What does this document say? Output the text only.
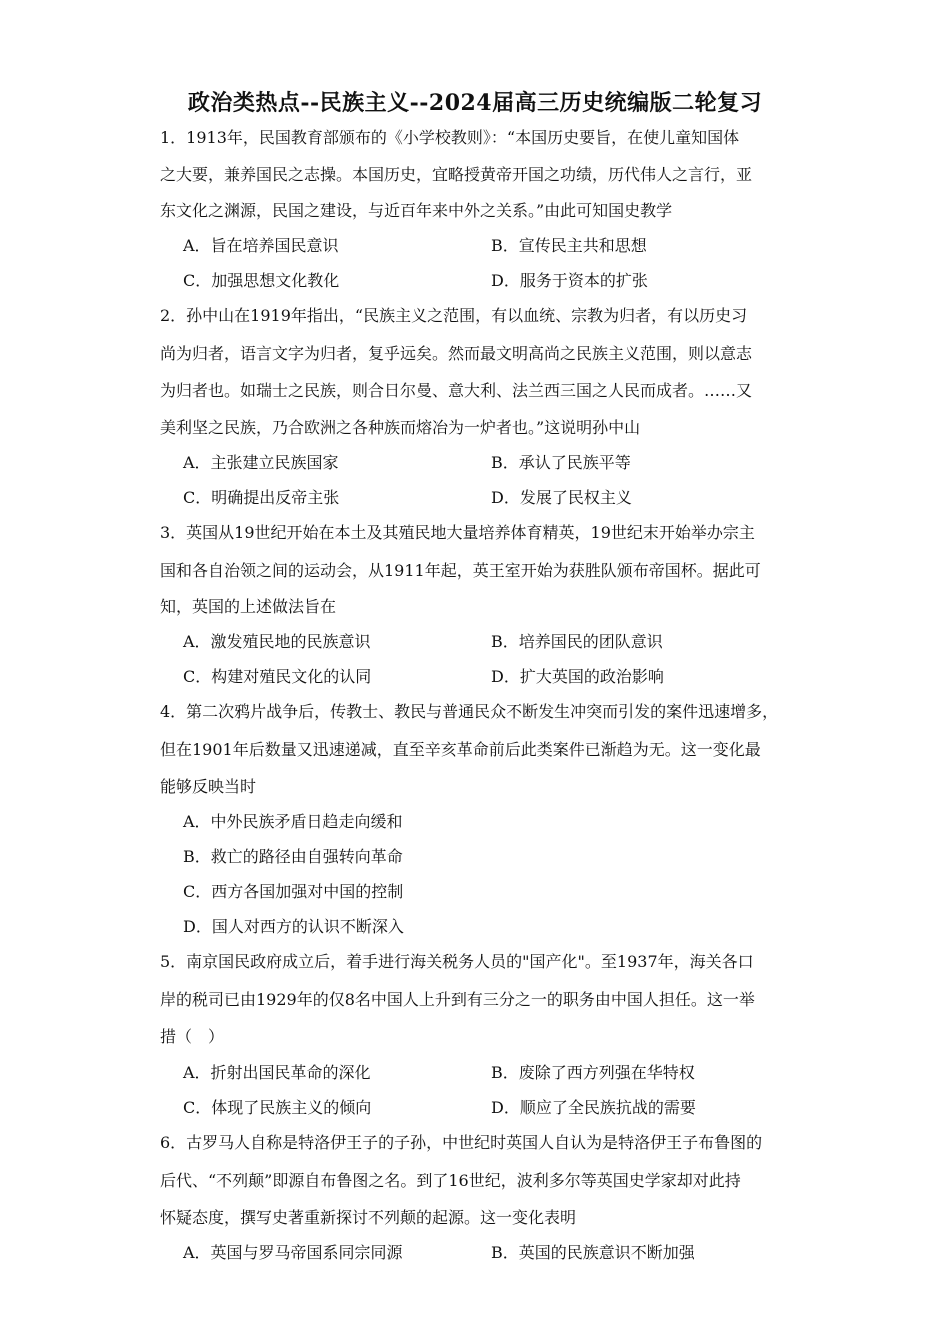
政治类热点--民族主义--2024届高三历史统编版二轮复习
1．1913年，民国教育部颁布的《小学校教则》：“本国历史要旨，在使儿童知国体
之大要，兼养国民之志操。本国历史，宜略授黄帝开国之功绩，历代伟人之言行，亚
东文化之渊源，民国之建设，与近百年来中外之关系。”由此可知国史教学
A．旨在培养国民意识	B．宣传民主共和思想
C．加强思想文化教化	D．服务于资本的扩张
2．孙中山在1919年指出，“民族主义之范围，有以血统、宗教为归者，有以历史习
尚为归者，语言文字为归者，复乎远矣。然而最文明高尚之民族主义范围，则以意志
为归者也。如瑞士之民族，则合日尔曼、意大利、法兰西三国之人民而成者。……又
美利坚之民族，乃合欧洲之各种族而熔冶为一炉者也。”这说明孙中山
A．主张建立民族国家	B．承认了民族平等
C．明确提出反帝主张	D．发展了民权主义
3．英国从19世纪开始在本土及其殖民地大量培养体育精英，19世纪末开始举办宗主
国和各自治领之间的运动会，从1911年起，英王室开始为获胜队颁布帝国杯。据此可
知，英国的上述做法旨在
A．激发殖民地的民族意识	B．培养国民的团队意识
C．构建对殖民文化的认同	D．扩大英国的政治影响
4．第二次鸦片战争后，传教士、教民与普通民众不断发生冲突而引发的案件迅速增多，
但在1901年后数量又迅速递减，直至辛亥革命前后此类案件已渐趋为无。这一变化最
能够反映当时
A．中外民族矛盾日趋走向缓和
B．救亡的路径由自强转向革命
C．西方各国加强对中国的控制
D．国人对西方的认识不断深入
5．南京国民政府成立后，着手进行海关税务人员的"国产化"。至1937年，海关各口
岸的税司已由1929年的仅8名中国人上升到有三分之一的职务由中国人担任。这一举
措（　）
A．折射出国民革命的深化	B．废除了西方列强在华特权
C．体现了民族主义的倾向	D．顺应了全民族抗战的需要
6．古罗马人自称是特洛伊王子的子孙，中世纪时英国人自认为是特洛伊王子布鲁图的
后代、“不列颠”即源自布鲁图之名。到了16世纪，波利多尔等英国史学家却对此持
怀疑态度，撰写史著重新探讨不列颠的起源。这一变化表明
A．英国与罗马帝国系同宗同源	B．英国的民族意识不断加强
